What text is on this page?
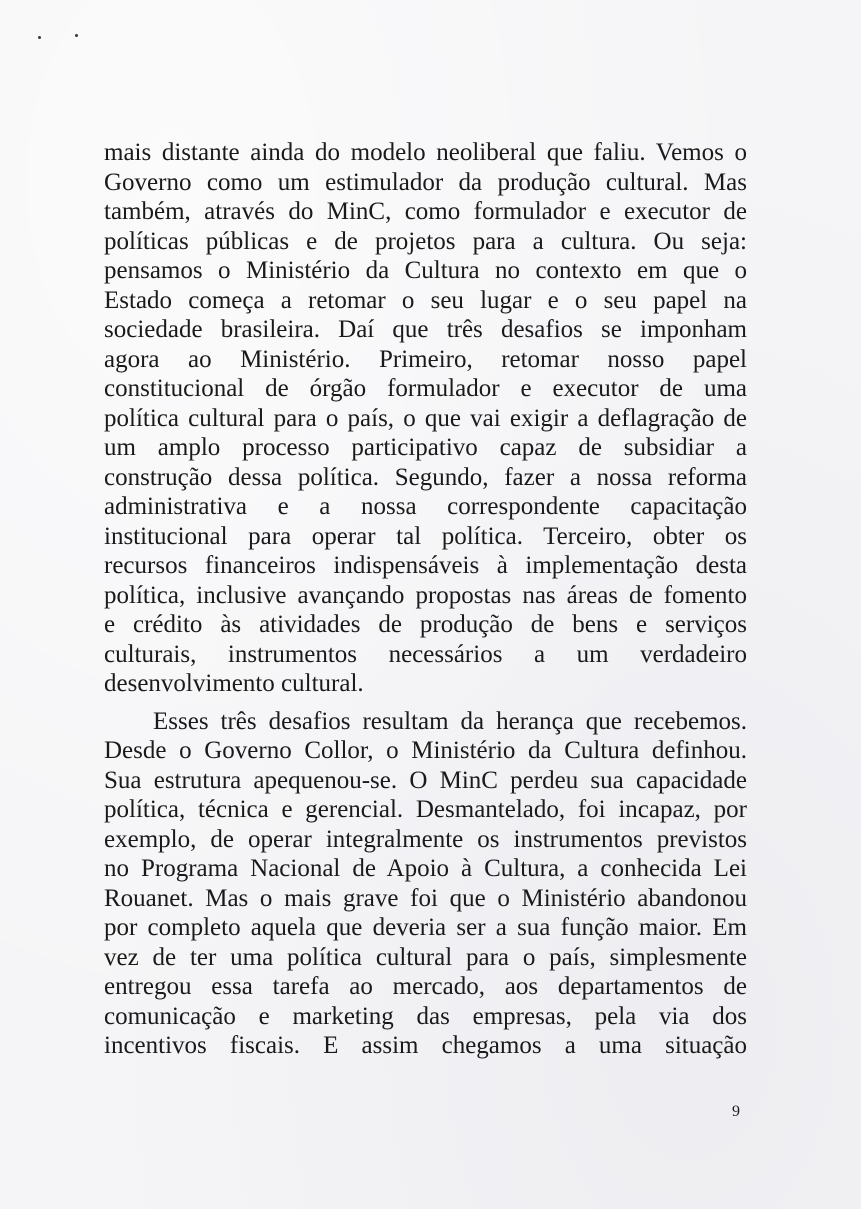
mais distante ainda do modelo neoliberal que faliu. Vemos o
Governo como um estimulador da produção cultural. Mas
também, através do MinC, como formulador e executor de
políticas públicas e de projetos para a cultura. Ou seja:
pensamos o Ministério da Cultura no contexto em que o
Estado começa a retomar o seu lugar e o seu papel na
sociedade brasileira. Daí que três desafios se imponham
agora ao Ministério. Primeiro, retomar nosso papel
constitucional de órgão formulador e executor de uma
política cultural para o país, o que vai exigir a deflagração de
um amplo processo participativo capaz de subsidiar a
construção dessa política. Segundo, fazer a nossa reforma
administrativa e a nossa correspondente capacitação
institucional para operar tal política. Terceiro, obter os
recursos financeiros indispensáveis à implementação desta
política, inclusive avançando propostas nas áreas de fomento
e crédito às atividades de produção de bens e serviços
culturais, instrumentos necessários a um verdadeiro
desenvolvimento cultural.
Esses três desafios resultam da herança que recebemos.
Desde o Governo Collor, o Ministério da Cultura definhou.
Sua estrutura apequenou-se. O MinC perdeu sua capacidade
política, técnica e gerencial. Desmantelado, foi incapaz, por
exemplo, de operar integralmente os instrumentos previstos
no Programa Nacional de Apoio à Cultura, a conhecida Lei
Rouanet. Mas o mais grave foi que o Ministério abandonou
por completo aquela que deveria ser a sua função maior. Em
vez de ter uma política cultural para o país, simplesmente
entregou essa tarefa ao mercado, aos departamentos de
comunicação e marketing das empresas, pela via dos
incentivos fiscais. E assim chegamos a uma situação
9
